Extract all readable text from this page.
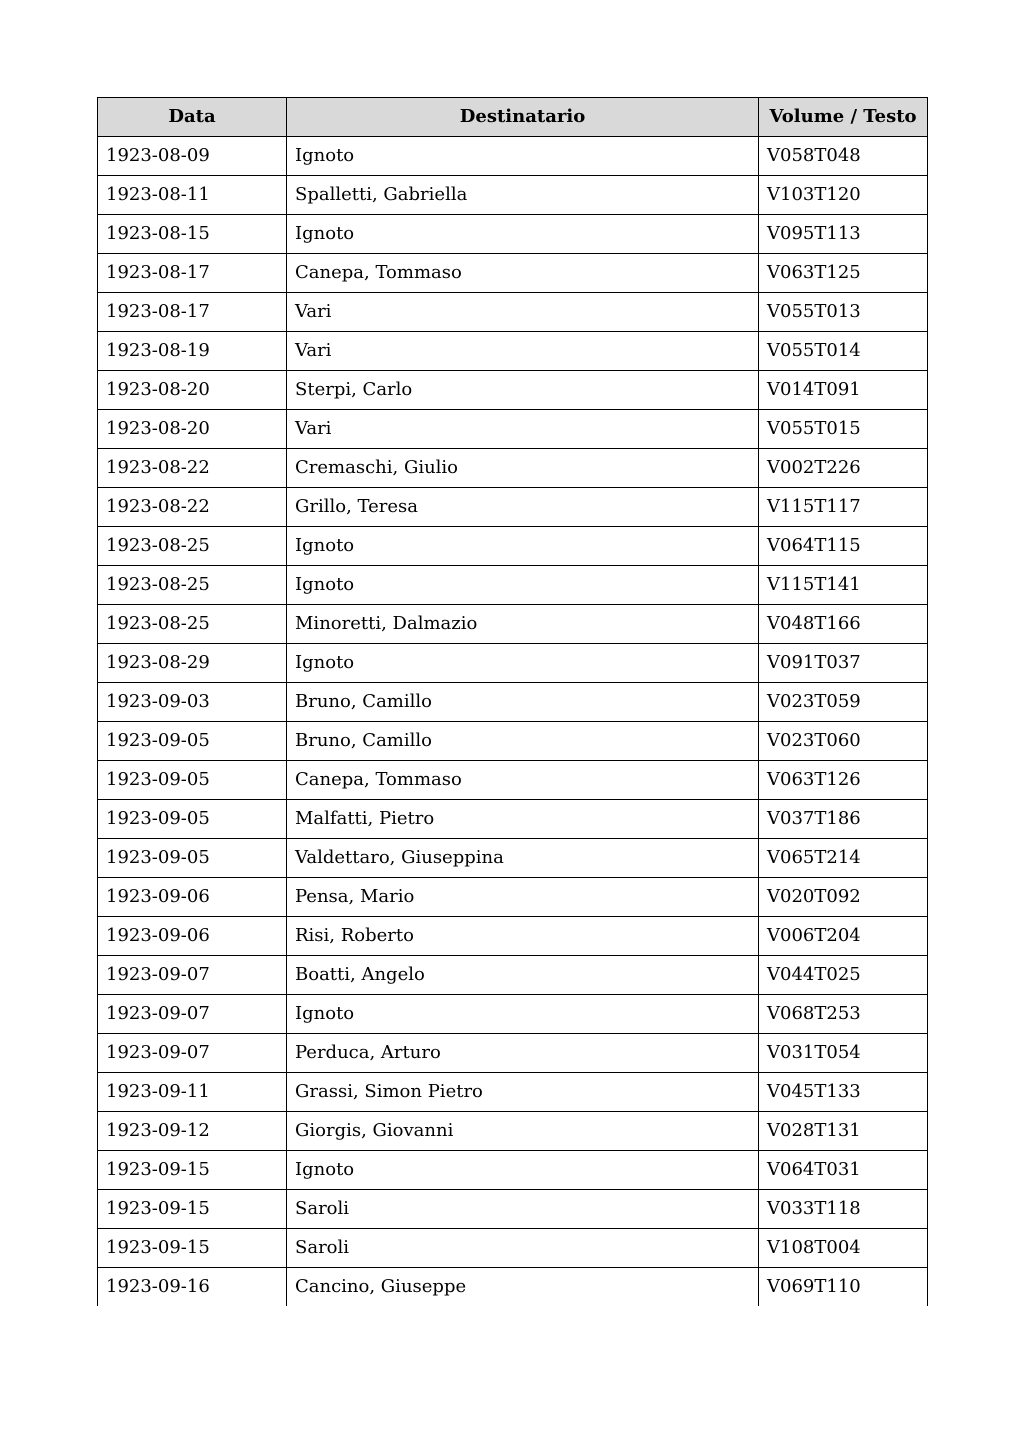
Data	Destinatario	Volume / Testo
1923-08-09	Ignoto	V058T048
1923-08-11	Spalletti, Gabriella	V103T120
1923-08-15	Ignoto	V095T113
1923-08-17	Canepa, Tommaso	V063T125
1923-08-17	Vari	V055T013
1923-08-19	Vari	V055T014
1923-08-20	Sterpi, Carlo	V014T091
1923-08-20	Vari	V055T015
1923-08-22	Cremaschi, Giulio	V002T226
1923-08-22	Grillo, Teresa	V115T117
1923-08-25	Ignoto	V064T115
1923-08-25	Ignoto	V115T141
1923-08-25	Minoretti, Dalmazio	V048T166
1923-08-29	Ignoto	V091T037
1923-09-03	Bruno, Camillo	V023T059
1923-09-05	Bruno, Camillo	V023T060
1923-09-05	Canepa, Tommaso	V063T126
1923-09-05	Malfatti, Pietro	V037T186
1923-09-05	Valdettaro, Giuseppina	V065T214
1923-09-06	Pensa, Mario	V020T092
1923-09-06	Risi, Roberto	V006T204
1923-09-07	Boatti, Angelo	V044T025
1923-09-07	Ignoto	V068T253
1923-09-07	Perduca, Arturo	V031T054
1923-09-11	Grassi, Simon Pietro	V045T133
1923-09-12	Giorgis, Giovanni	V028T131
1923-09-15	Ignoto	V064T031
1923-09-15	Saroli	V033T118
1923-09-15	Saroli	V108T004
1923-09-16	Cancino, Giuseppe	V069T110
